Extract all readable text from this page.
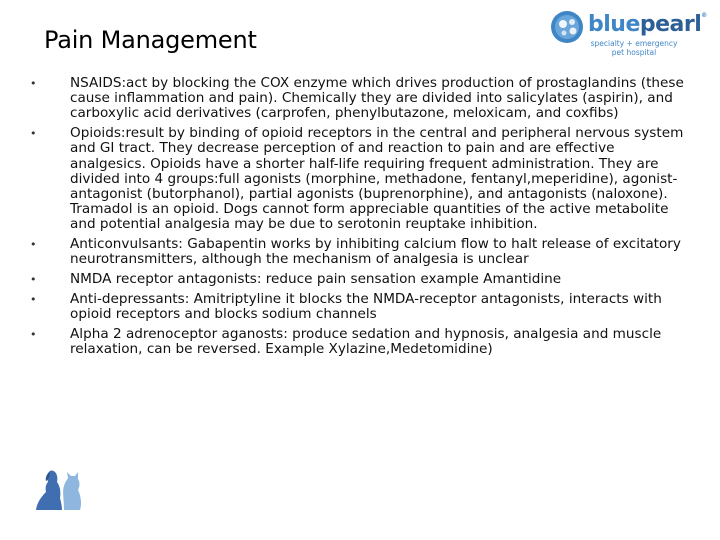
Pain Management
bluepearl®
specialty + emergency
pet hospital
• NSAIDS:act by blocking the COX enzyme which drives production of prostaglandins (these cause inflammation and pain). Chemically they are divided into salicylates (aspirin), and carboxylic acid derivatives (carprofen, phenylbutazone, meloxicam, and coxfibs)
• Opioids:result by binding of opioid receptors in the central and peripheral nervous system and GI tract. They decrease perception of and reaction to pain and are effective analgesics. Opioids have a shorter half-life requiring frequent administration. They are divided into 4 groups:full agonists (morphine, methadone, fentanyl,meperidine), agonist-antagonist (butorphanol), partial agonists (buprenorphine), and antagonists (naloxone). Tramadol is an opioid. Dogs cannot form appreciable quantities of the active metabolite and potential analgesia may be due to serotonin reuptake inhibition.
• Anticonvulsants: Gabapentin works by inhibiting calcium flow to halt release of excitatory neurotransmitters, although the mechanism of analgesia is unclear
• NMDA receptor antagonists: reduce pain sensation example Amantidine
• Anti-depressants: Amitriptyline it blocks the NMDA-receptor antagonists, interacts with opioid receptors and blocks sodium channels
• Alpha 2 adrenoceptor aganosts: produce sedation and hypnosis, analgesia and muscle relaxation, can be reversed. Example Xylazine,Medetomidine)
